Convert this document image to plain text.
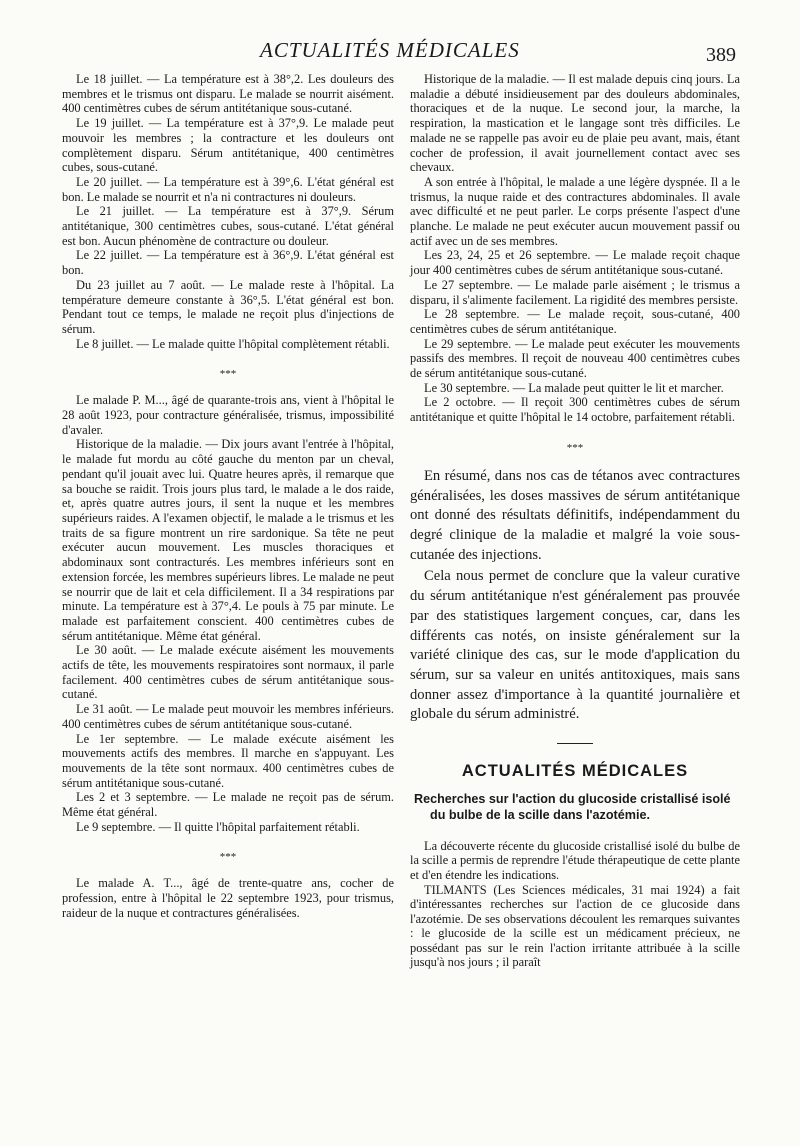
ACTUALITÉS MÉDICALES	389

Le 18 juillet. — La température est à 38°,2. Les douleurs des membres et le trismus ont disparu. Le malade se nourrit aisément. 400 centimètres cubes de sérum antitétanique sous-cutané.

Le 19 juillet. — La température est à 37°,9. Le malade peut mouvoir les membres ; la contracture et les douleurs ont complètement disparu. Sérum antitétanique, 400 centimètres cubes, sous-cutané.

Le 20 juillet. — La température est à 39°,6. L'état général est bon. Le malade se nourrit et n'a ni contractures ni douleurs.

Le 21 juillet. — La température est à 37°,9. Sérum antitétanique, 300 centimètres cubes, sous-cutané. L'état général est bon. Aucun phénomène de contracture ou douleur.

Le 22 juillet. — La température est à 36°,9. L'état général est bon.

Du 23 juillet au 7 août. — Le malade reste à l'hôpital. La température demeure constante à 36°,5. L'état général est bon. Pendant tout ce temps, le malade ne reçoit plus d'injections de sérum.

Le 8 juillet. — Le malade quitte l'hôpital complètement rétabli.

***

Le malade P. M..., âgé de quarante-trois ans, vient à l'hôpital le 28 août 1923, pour contracture généralisée, trismus, impossibilité d'avaler.

Historique de la maladie. — Dix jours avant l'entrée à l'hôpital, le malade fut mordu au côté gauche du menton par un cheval, pendant qu'il jouait avec lui. Quatre heures après, il remarque que sa bouche se raidit. Trois jours plus tard, le malade a le dos raide, et, après quatre autres jours, il sent la nuque et les membres supérieurs raides. A l'examen objectif, le malade a le trismus et les traits de sa figure montrent un rire sardonique. Sa tête ne peut exécuter aucun mouvement. Les muscles thoraciques et abdominaux sont contracturés. Les membres inférieurs sont en extension forcée, les membres supérieurs libres. Le malade ne peut se nourrir que de lait et cela difficilement. Il a 34 respirations par minute. La température est à 37°,4. Le pouls à 75 par minute. Le malade est parfaitement conscient. 400 centimètres cubes de sérum antitétanique. Même état général.

Le 30 août. — Le malade exécute aisément les mouvements actifs de tête, les mouvements respiratoires sont normaux, il parle facilement. 400 centimètres cubes de sérum antitétanique sous-cutané.

Le 31 août. — Le malade peut mouvoir les membres inférieurs. 400 centimètres cubes de sérum antitétanique sous-cutané.

Le 1er septembre. — Le malade exécute aisément les mouvements actifs des membres. Il marche en s'appuyant. Les mouvements de la tête sont normaux. 400 centimètres cubes de sérum antitétanique sous-cutané.

Les 2 et 3 septembre. — Le malade ne reçoit pas de sérum. Même état général.

Le 9 septembre. — Il quitte l'hôpital parfaitement rétabli.

***

Le malade A. T..., âgé de trente-quatre ans, cocher de profession, entre à l'hôpital le 22 septembre 1923, pour trismus, raideur de la nuque et contractures généralisées.

Historique de la maladie. — Il est malade depuis cinq jours. La maladie a débuté insidieusement par des douleurs abdominales, thoraciques et de la nuque. Le second jour, la marche, la respiration, la mastication et le langage sont très difficiles. Le malade ne se rappelle pas avoir eu de plaie peu avant, mais, étant cocher de profession, il avait journellement contact avec ses chevaux.

A son entrée à l'hôpital, le malade a une légère dyspnée. Il a le trismus, la nuque raide et des contractures abdominales. Il avale avec difficulté et ne peut parler. Le corps présente l'aspect d'une planche. Le malade ne peut exécuter aucun mouvement passif ou actif avec un de ses membres.

Les 23, 24, 25 et 26 septembre. — Le malade reçoit chaque jour 400 centimètres cubes de sérum antitétanique sous-cutané.

Le 27 septembre. — Le malade parle aisément ; le trismus a disparu, il s'alimente facilement. La rigidité des membres persiste.

Le 28 septembre. — Le malade reçoit, sous-cutané, 400 centimètres cubes de sérum antitétanique.

Le 29 septembre. — Le malade peut exécuter les mouvements passifs des membres. Il reçoit de nouveau 400 centimètres cubes de sérum antitétanique sous-cutané.

Le 30 septembre. — La malade peut quitter le lit et marcher.

Le 2 octobre. — Il reçoit 300 centimètres cubes de sérum antitétanique et quitte l'hôpital le 14 octobre, parfaitement rétabli.

***

En résumé, dans nos cas de tétanos avec contractures généralisées, les doses massives de sérum antitétanique ont donné des résultats définitifs, indépendamment du degré clinique de la maladie et malgré la voie sous-cutanée des injections.

Cela nous permet de conclure que la valeur curative du sérum antitétanique n'est généralement pas prouvée par des statistiques largement conçues, car, dans les différents cas notés, on insiste généralement sur la variété clinique des cas, sur le mode d'application du sérum, sur sa valeur en unités antitoxiques, mais sans donner assez d'importance à la quantité journalière et globale du sérum administré.

ACTUALITÉS MÉDICALES
Recherches sur l'action du glucoside cristallisé isolé du bulbe de la scille dans l'azotémie.

La découverte récente du glucoside cristallisé isolé du bulbe de la scille a permis de reprendre l'étude thérapeutique de cette plante et d'en étendre les indications.

TILMANTS (Les Sciences médicales, 31 mai 1924) a fait d'intéressantes recherches sur l'action de ce glucoside dans l'azotémie. De ses observations découlent les remarques suivantes : le glucoside de la scille est un médicament précieux, ne possédant pas sur le rein l'action irritante attribuée à la scille jusqu'à nos jours ; il paraît
